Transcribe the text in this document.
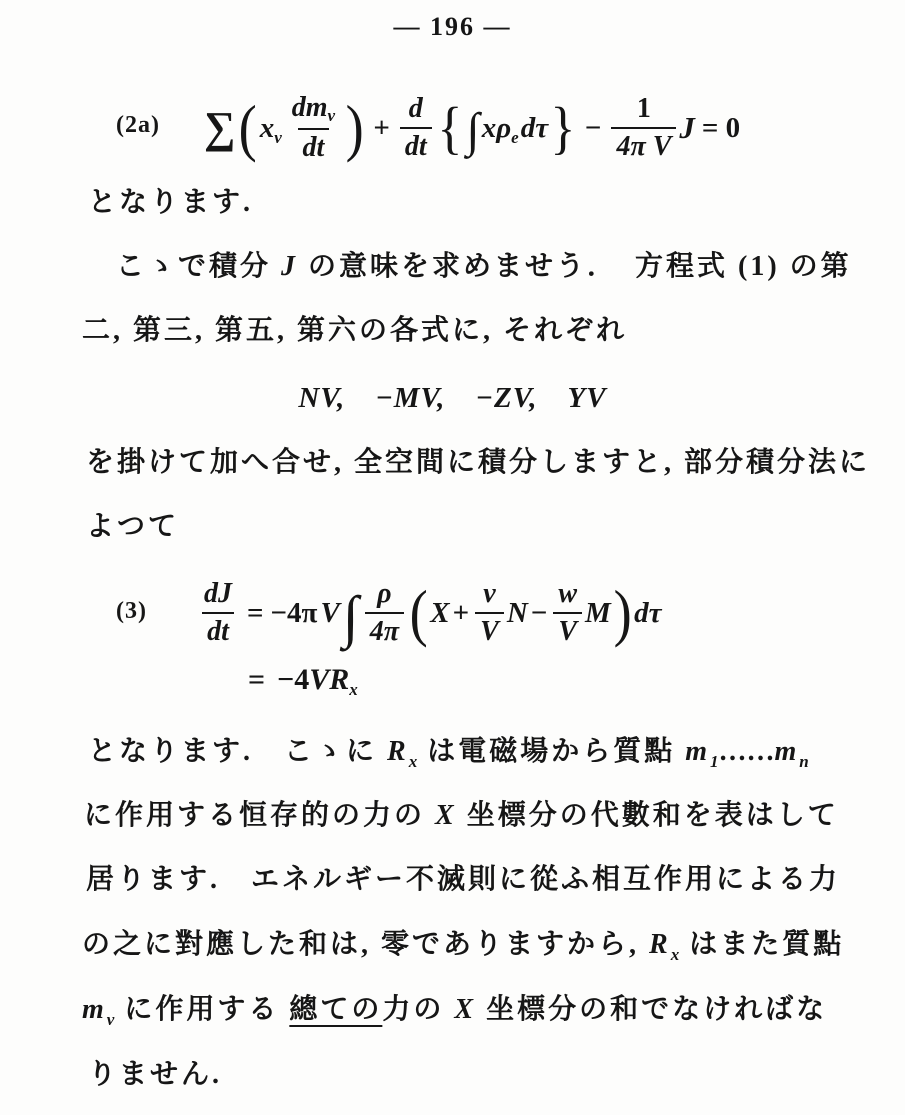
— 196 —
(2a) ∑ ( x ν $\frac{\text{dmν}}{dt}$ ) + $\frac{d}{dt}$ { ∫ xρ e dτ } − $\frac{1}{\text{4π V}}$ J = 0
となります.
こゝで積分 J の意味を求めませう．　方程式 (1) の第
二, 第三, 第五, 第六の各式に, それぞれ
NV,　−MV,　−ZV,　YV
を掛けて加へ合せ, 全空間に積分しますと, 部分積分法に
よつて
$(3) \frac{dJ}{dt} = -4\pi$ V ∫ $\frac{\rho}{4\pi}$ ( $X + \frac{v}{V}$ $N - \frac{w}{V}$ M ) dτ
= −4 VR x
となります.　こゝに $R_x$ は電磁場から質點 $m_1\dots\dots m_n$
に作用する恒存的の力の X 坐標分の代數和を表はして
居ります.　エネルギー不滅則に從ふ相互作用による力
の之に對應した和は, 零でありますから, $R_x$ はまた質點
$m_\nu$ に作用する 總ての力の X 坐標分の和でなければな
りません.
